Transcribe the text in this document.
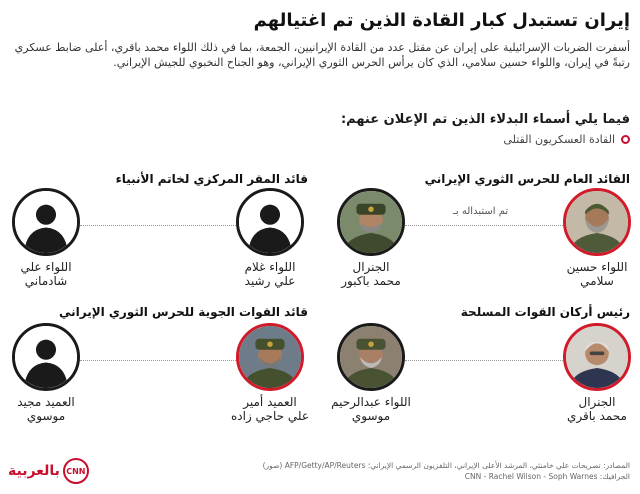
إيران تستبدل كبار القادة الذين تم اغتيالهم
أسفرت الضربات الإسرائيلية على إيران عن مقتل عدد من القادة الإيرانيين، الجمعة، بما في ذلك اللواء محمد باقري، أعلى ضابط عسكري رتبةً في إيران، واللواء حسين سلامي، الذي كان يرأس الحرس الثوري الإيراني، وهو الجناح النخبوي للجيش الإيراني.
فيما يلي أسماء البدلاء الذين تم الإعلان عنهم:
القادة العسكريون القتلى
القائد العام للحرس الثوري الإيراني
تم استبداله بـ
اللواء حسين
سلامي
الجنرال
محمد باكبور
قائد المقر المركزي لخاتم الأنبياء
اللواء غلام
علي رشيد
اللواء علي
شادماني
رئيس أركان القوات المسلحة
الجنرال
محمد باقري
اللواء عبدالرحيم
موسوي
قائد القوات الجوية للحرس الثوري الإيراني
العميد أمير
علي حاجي زاده
العميد مجيد
موسوي
المصادر: تصريحات علي خامنئي، المرشد الأعلى الإيراني، التلفزيون الرسمي الإيراني؛ AFP/Getty/AP/Reuters (صور)
الجرافيك: CNN - Rachel Wilson - Soph Warnes
CNN
بالعربية
